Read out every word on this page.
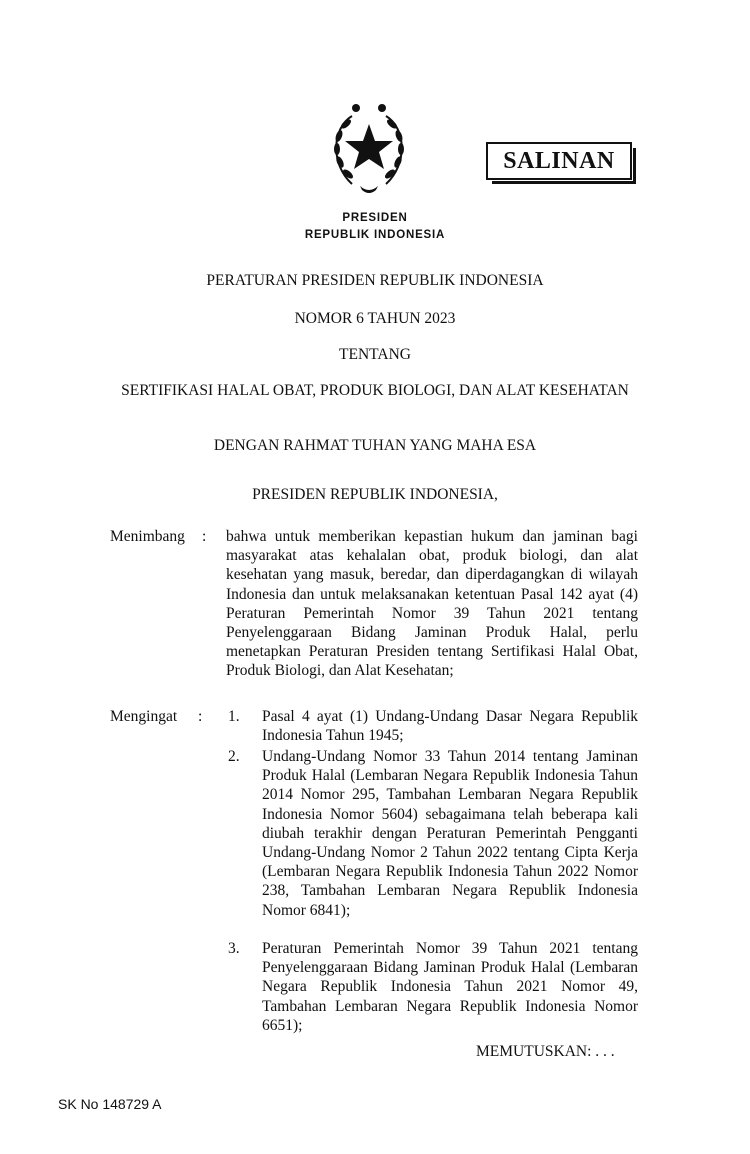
SALINAN
PRESIDEN
REPUBLIK INDONESIA
PERATURAN PRESIDEN REPUBLIK INDONESIA
NOMOR 6 TAHUN 2023
TENTANG
SERTIFIKASI HALAL OBAT, PRODUK BIOLOGI, DAN ALAT KESEHATAN
DENGAN RAHMAT TUHAN YANG MAHA ESA
PRESIDEN REPUBLIK INDONESIA,
Menimbang : bahwa untuk memberikan kepastian hukum dan jaminan bagi masyarakat atas kehalalan obat, produk biologi, dan alat kesehatan yang masuk, beredar, dan diperdagangkan di wilayah Indonesia dan untuk melaksanakan ketentuan Pasal 142 ayat (4) Peraturan Pemerintah Nomor 39 Tahun 2021 tentang Penyelenggaraan Bidang Jaminan Produk Halal, perlu menetapkan Peraturan Presiden tentang Sertifikasi Halal Obat, Produk Biologi, dan Alat Kesehatan;
Mengingat : 1. Pasal 4 ayat (1) Undang-Undang Dasar Negara Republik Indonesia Tahun 1945;
2. Undang-Undang Nomor 33 Tahun 2014 tentang Jaminan Produk Halal (Lembaran Negara Republik Indonesia Tahun 2014 Nomor 295, Tambahan Lembaran Negara Republik Indonesia Nomor 5604) sebagaimana telah beberapa kali diubah terakhir dengan Peraturan Pemerintah Pengganti Undang-Undang Nomor 2 Tahun 2022 tentang Cipta Kerja (Lembaran Negara Republik Indonesia Tahun 2022 Nomor 238, Tambahan Lembaran Negara Republik Indonesia Nomor 6841);
3. Peraturan Pemerintah Nomor 39 Tahun 2021 tentang Penyelenggaraan Bidang Jaminan Produk Halal (Lembaran Negara Republik Indonesia Tahun 2021 Nomor 49, Tambahan Lembaran Negara Republik Indonesia Nomor 6651);
MEMUTUSKAN: . . .
SK No 148729 A
